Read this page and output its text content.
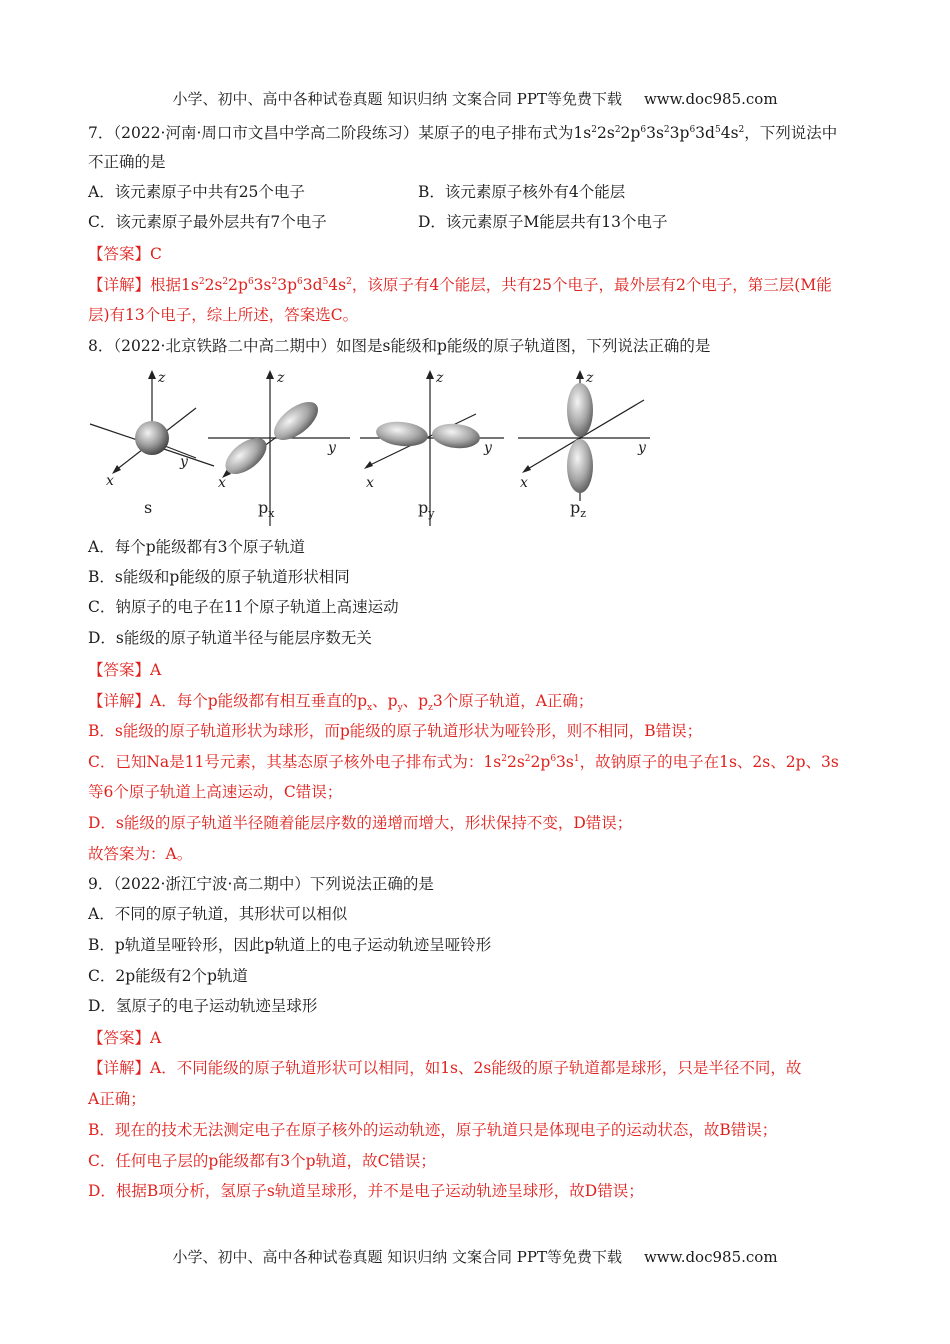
小学、初中、高中各种试卷真题 知识归纳 文案合同 PPT等免费下载 www.doc985.com
7．（2022·河南·周口市文昌中学高二阶段练习）某原子的电子排布式为$1s^22s^22p^63s^23p^63d^54s^2$，下列说法中
不正确的是
A．该元素原子中共有25个电子	B．该元素原子核外有4个能层
C．该元素原子最外层共有7个电子	D．该元素原子M能层共有13个电子
【答案】C
【详解】根据$1s^22s^22p^63s^23p^63d^54s^2$，该原子有4个能层，共有25个电子，最外层有2个电子，第三层(M能
层)有13个电子，综上所述，答案选C。
8．（2022·北京铁路二中高二期中）如图是s能级和p能级的原子轨道图，下列说法正确的是
z
y
x
s
z
y
x
$p_x$
z
y
x
$p_y$
z
y
x
$p_z$
A．每个p能级都有3个原子轨道
B．s能级和p能级的原子轨道形状相同
C．钠原子的电子在11个原子轨道上高速运动
D．s能级的原子轨道半径与能层序数无关
【答案】A
【详解】A．每个p能级都有相互垂直的$p_x$、$p_y$、$p_z3$个原子轨道，A正确；
B．s能级的原子轨道形状为球形，而p能级的原子轨道形状为哑铃形，则不相同，B错误；
C．已知Na是11号元素，其基态原子核外电子排布式为：$1s^22s^22p^63s^1$，故钠原子的电子在1s、2s、2p、3s
等6个原子轨道上高速运动，C错误；
D．s能级的原子轨道半径随着能层序数的递增而增大，形状保持不变，D错误；
故答案为：A。
9．（2022·浙江宁波·高二期中）下列说法正确的是
A．不同的原子轨道，其形状可以相似
B．p轨道呈哑铃形，因此p轨道上的电子运动轨迹呈哑铃形
C．2p能级有2个p轨道
D．氢原子的电子运动轨迹呈球形
【答案】A
【详解】A．不同能级的原子轨道形状可以相同，如1s、2s能级的原子轨道都是球形，只是半径不同，故
A正确；
B．现在的技术无法测定电子在原子核外的运动轨迹，原子轨道只是体现电子的运动状态，故B错误；
C．任何电子层的p能级都有3个p轨道，故C错误；
D．根据B项分析，氢原子s轨道呈球形，并不是电子运动轨迹呈球形，故D错误；
小学、初中、高中各种试卷真题 知识归纳 文案合同 PPT等免费下载 www.doc985.com
